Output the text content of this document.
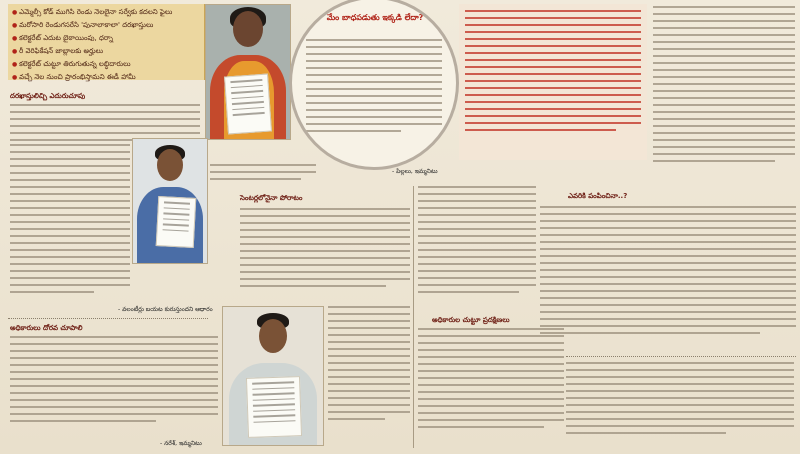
● ఎమ్మెల్సీ కోడ్ ముగిసి రెండు నెలలైనా సర్వేకు కదలని ఫైలు
● మరోసారి రెండుగసరేసి 'పునాలాకాలా' దరఖాస్తులు
● కలెక్టరేట్ ఎదుట బైఠాయింపు, ధర్నా
● రీ వెరిఫికేషన్ జాబ్లాలకు అర్హులు
● కలెక్టరేట్ చుట్టూ తిరుగుతున్న లబ్ధిదారులు
● వచ్చే నెల నుంచి ప్రారంభిస్తామని ఈడీ హామీ
మేం బాధపడుతు ఇక్కడి లేదా?
దరఖాస్తులిచ్చి ఎదురుచూపు
- వలంటీర్లు బయట కురుస్తుందని ఆధారం
అధికారులు దోరవ చూపాలి
- నరేశ్, ఇమ్మనిటు
సెంటర్లలోనైనా పోరాటం
- పిల్లలు, ఇమ్మనిటు
అధికారుల చుట్టూ ప్రదక్షిణలు
ఎవరికి పంపించినా..?
